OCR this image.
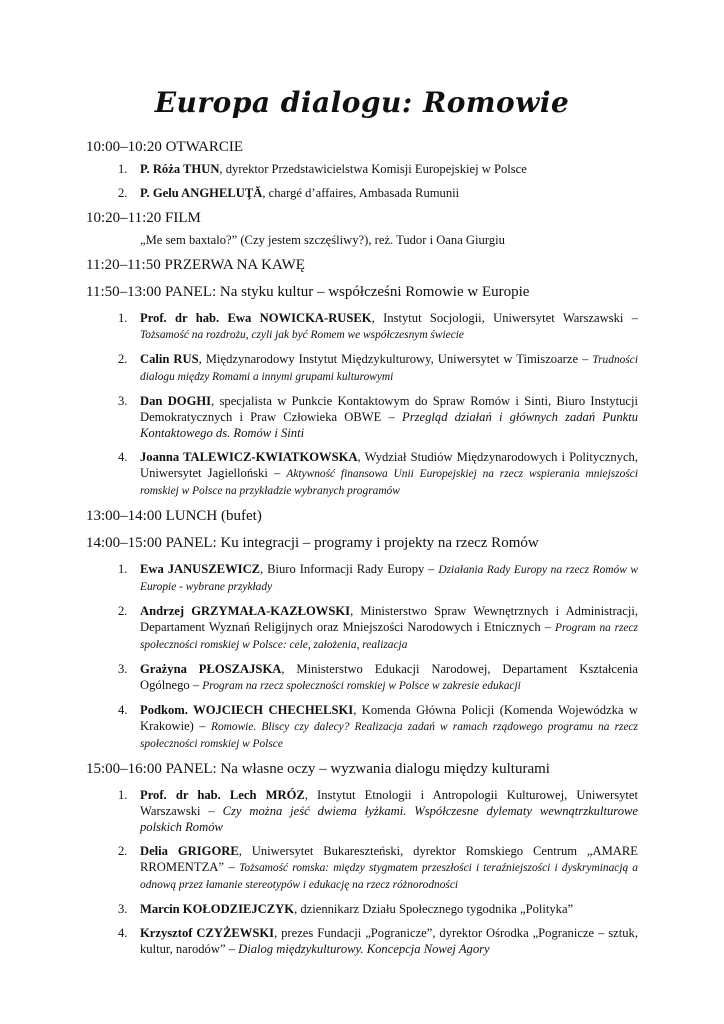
Europa dialogu: Romowie
10:00–10:20 OTWARCIE
1. P. Róża THUN, dyrektor Przedstawicielstwa Komisji Europejskiej w Polsce
2. P. Gelu ANGHELUŢĂ, chargé d’affaires, Ambasada Rumunii
10:20–11:20 FILM
„Me sem baxtalo?” (Czy jestem szczęśliwy?), reż. Tudor i Oana Giurgiu
11:20–11:50 PRZERWA NA KAWĘ
11:50–13:00 PANEL: Na styku kultur – współcześni Romowie w Europie
1. Prof. dr hab. Ewa NOWICKA-RUSEK, Instytut Socjologii, Uniwersytet Warszawski – Tożsamość na rozdrożu, czyli jak być Romem we współczesnym świecie
2. Calin RUS, Międzynarodowy Instytut Międzykulturowy, Uniwersytet w Timiszoarze – Trudności dialogu między Romami a innymi grupami kulturowymi
3. Dan DOGHI, specjalista w Punkcie Kontaktowym do Spraw Romów i Sinti, Biuro Instytucji Demokratycznych i Praw Człowieka OBWE – Przegląd działań i głównych zadań Punktu Kontaktowego ds. Romów i Sinti
4. Joanna TALEWICZ-KWIATKOWSKA, Wydział Studiów Międzynarodowych i Politycznych, Uniwersytet Jagielloński – Aktywność finansowa Unii Europejskiej na rzecz wspierania mniejszości romskiej w Polsce na przykładzie wybranych programów
13:00–14:00 LUNCH (bufet)
14:00–15:00 PANEL: Ku integracji – programy i projekty na rzecz Romów
1. Ewa JANUSZEWICZ, Biuro Informacji Rady Europy – Działania Rady Europy na rzecz Romów w Europie - wybrane przykłady
2. Andrzej GRZYMAŁA-KAZŁOWSKI, Ministerstwo Spraw Wewnętrznych i Administracji, Departament Wyznań Religijnych oraz Mniejszości Narodowych i Etnicznych – Program na rzecz społeczności romskiej w Polsce: cele, założenia, realizacja
3. Grażyna PŁOSZAJSKA, Ministerstwo Edukacji Narodowej, Departament Kształcenia Ogólnego – Program na rzecz społeczności romskiej w Polsce w zakresie edukacji
4. Podkom. WOJCIECH CHECHELSKI, Komenda Główna Policji (Komenda Wojewódzka w Krakowie) – Romowie. Bliscy czy dalecy? Realizacja zadań w ramach rządowego programu na rzecz społeczności romskiej w Polsce
15:00–16:00 PANEL: Na własne oczy – wyzwania dialogu między kulturami
1. Prof. dr hab. Lech MRÓZ, Instytut Etnologii i Antropologii Kulturowej, Uniwersytet Warszawski – Czy można jeść dwiema łyżkami. Współczesne dylematy wewnątrzkulturowe polskich Romów
2. Delia GRIGORE, Uniwersytet Bukareszteński, dyrektor Romskiego Centrum „AMARE RROMENTZA” – Tożsamość romska: między stygmatem przeszłości i teraźniejszości i dyskryminacją a odnową przez łamanie stereotypów i edukację na rzecz różnorodności
3. Marcin KOŁODZIEJCZYK, dziennikarz Działu Społecznego tygodnika „Polityka”
4. Krzysztof CZYŻEWSKI, prezes Fundacji „Pogranicze”, dyrektor Ośrodka „Pogranicze – sztuk, kultur, narodów” – Dialog międzykulturowy. Koncepcja Nowej Agory
